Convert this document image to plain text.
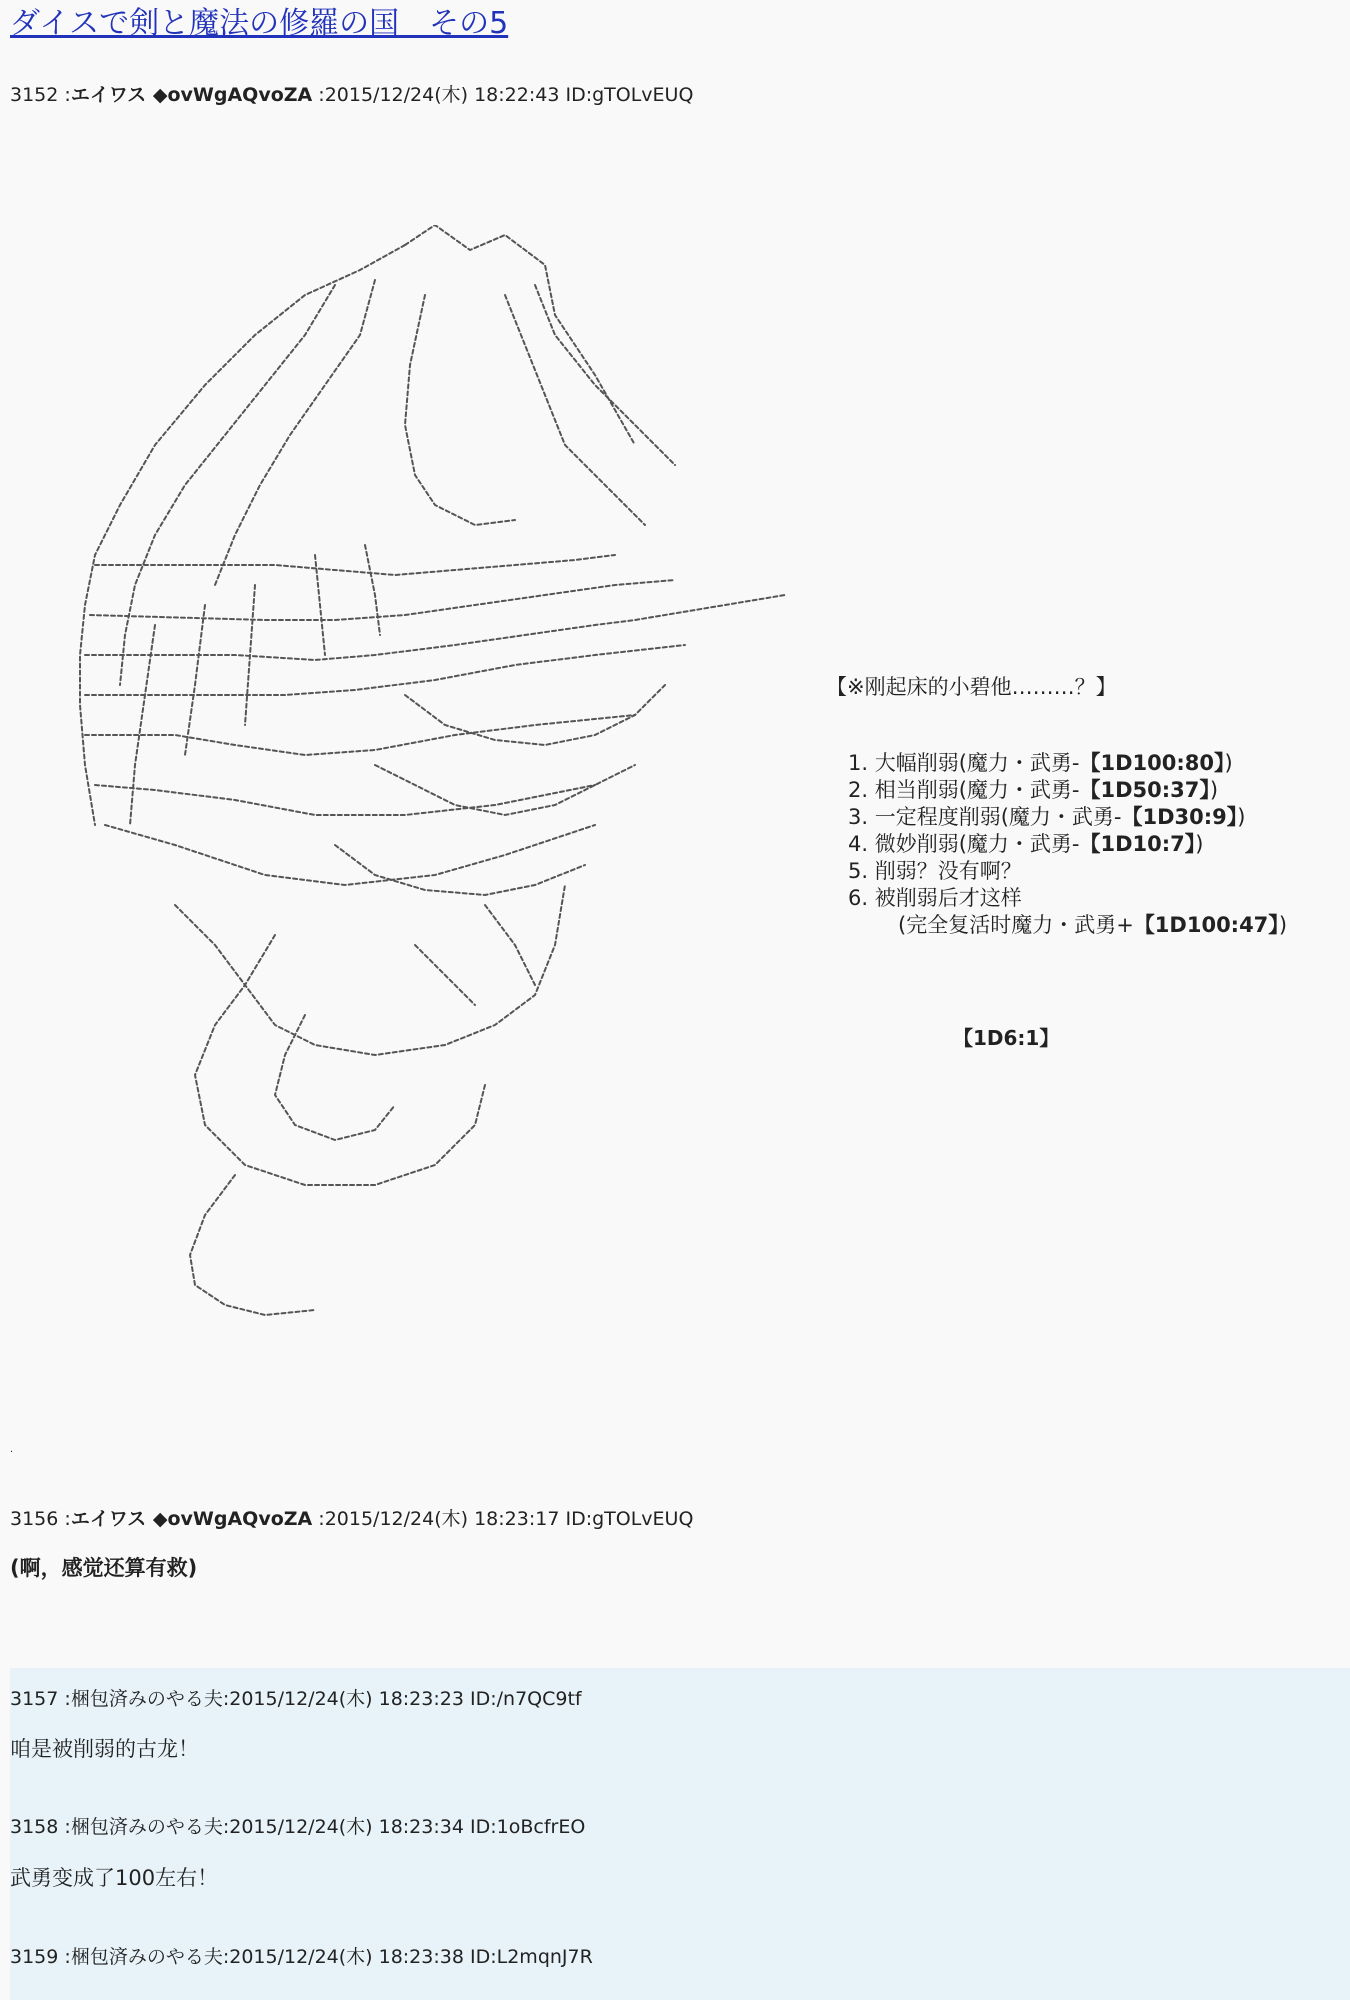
ダイスで剣と魔法の修羅の国　その5
3152 :エイワス ◆ovWgAQvoZA :2015/12/24(木) 18:22:43 ID:gTOLvEUQ
【※刚起床的小碧他………？】
1. 大幅削弱(魔力・武勇-【1D100:80】)
2. 相当削弱(魔力・武勇-【1D50:37】)
3. 一定程度削弱(魔力・武勇-【1D30:9】)
4. 微妙削弱(魔力・武勇-【1D10:7】)
5. 削弱？没有啊？
6. 被削弱后才这样
(完全复活时魔力・武勇+【1D100:47】)
【1D6:1】
.
3156 :エイワス ◆ovWgAQvoZA :2015/12/24(木) 18:23:17 ID:gTOLvEUQ
(啊，感觉还算有救)
3157 :梱包済みのやる夫:2015/12/24(木) 18:23:23 ID:/n7QC9tf
咱是被削弱的古龙！
3158 :梱包済みのやる夫:2015/12/24(木) 18:23:34 ID:1oBcfrEO
武勇变成了100左右！
3159 :梱包済みのやる夫:2015/12/24(木) 18:23:38 ID:L2mqnJ7R
